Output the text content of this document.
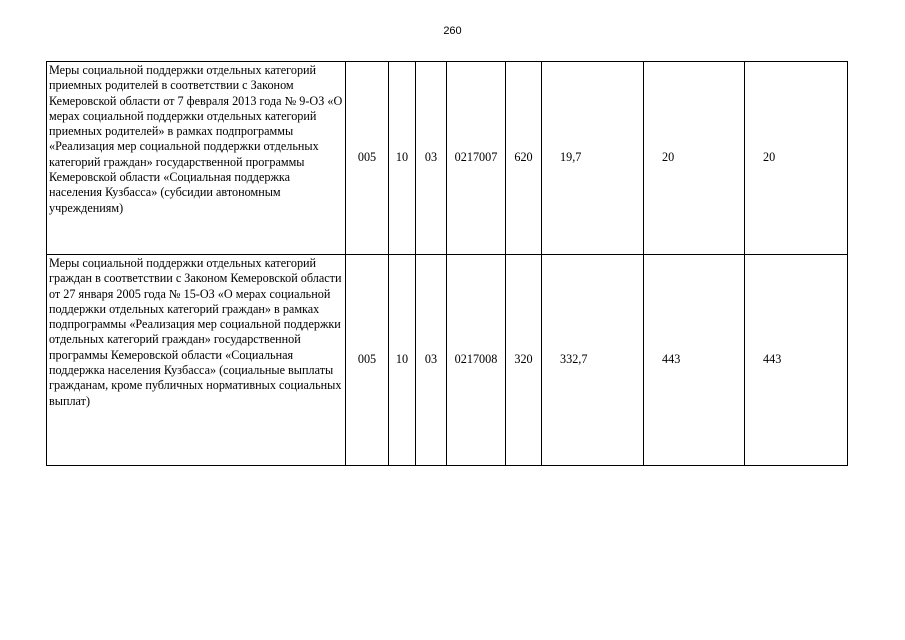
260
Меры социальной поддержки отдельных категорий приемных родителей в соответствии с Законом Кемеровской области от 7 февраля 2013 года № 9-ОЗ «О мерах социальной поддержки отдельных категорий приемных родителей» в рамках подпрограммы «Реализация мер социальной поддержки отдельных категорий граждан» государственной программы Кемеровской области «Социальная поддержка населения Кузбасса» (субсидии автономным учреждениям)	005	10	03	0217007	620	19,7	20	20
Меры социальной поддержки отдельных категорий граждан в соответствии с Законом Кемеровской области от 27 января 2005 года № 15-ОЗ «О мерах социальной поддержки отдельных категорий граждан» в рамках подпрограммы «Реализация мер социальной поддержки отдельных категорий граждан» государственной программы Кемеровской области «Социальная поддержка населения Кузбасса» (социальные выплаты гражданам, кроме публичных нормативных социальных выплат)	005	10	03	0217008	320	332,7	443	443
